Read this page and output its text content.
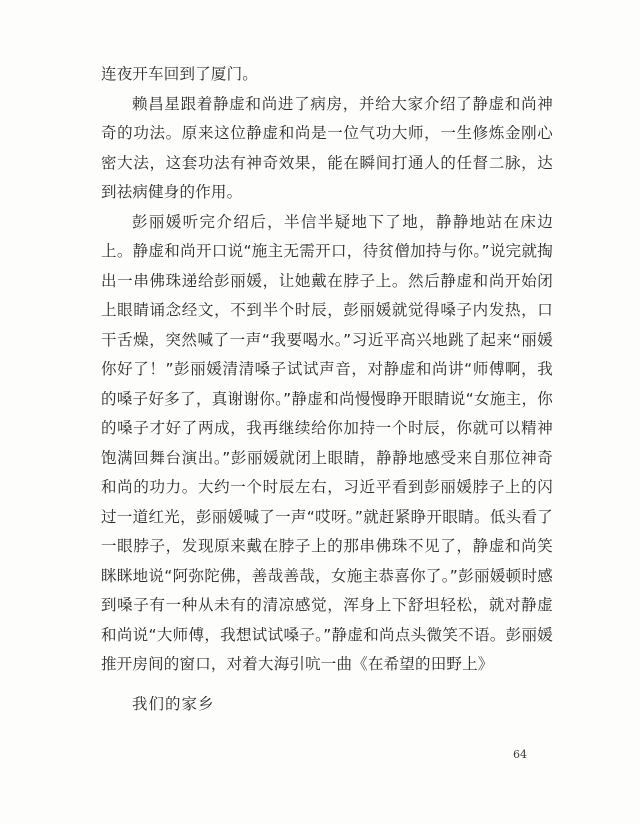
连夜开车回到了厦门。

赖昌星跟着静虚和尚进了病房，并给大家介绍了静虚和尚神奇的功法。原来这位静虚和尚是一位气功大师，一生修炼金刚心密大法，这套功法有神奇效果，能在瞬间打通人的任督二脉，达到祛病健身的作用。

彭丽媛听完介绍后，半信半疑地下了地，静静地站在床边上。静虚和尚开口说“施主无需开口，待贫僧加持与你。”说完就掏出一串佛珠递给彭丽媛，让她戴在脖子上。然后静虚和尚开始闭上眼睛诵念经文，不到半个时辰，彭丽媛就觉得嗓子内发热，口干舌燥，突然喊了一声“我要喝水。”习近平高兴地跳了起来“丽媛你好了！”彭丽媛清清嗓子试试声音，对静虚和尚讲“师傅啊，我的嗓子好多了，真谢谢你。”静虚和尚慢慢睁开眼睛说“女施主，你的嗓子才好了两成，我再继续给你加持一个时辰，你就可以精神饱满回舞台演出。”彭丽媛就闭上眼睛，静静地感受来自那位神奇和尚的功力。大约一个时辰左右，习近平看到彭丽媛脖子上的闪过一道红光，彭丽媛喊了一声“哎呀。”就赶紧睁开眼睛。低头看了一眼脖子，发现原来戴在脖子上的那串佛珠不见了，静虚和尚笑眯眯地说“阿弥陀佛，善哉善哉，女施主恭喜你了。”彭丽媛顿时感到嗓子有一种从未有的清凉感觉，浑身上下舒坦轻松，就对静虚和尚说“大师傅，我想试试嗓子。”静虚和尚点头微笑不语。彭丽媛推开房间的窗口，对着大海引吭一曲《在希望的田野上》

我们的家乡

64
